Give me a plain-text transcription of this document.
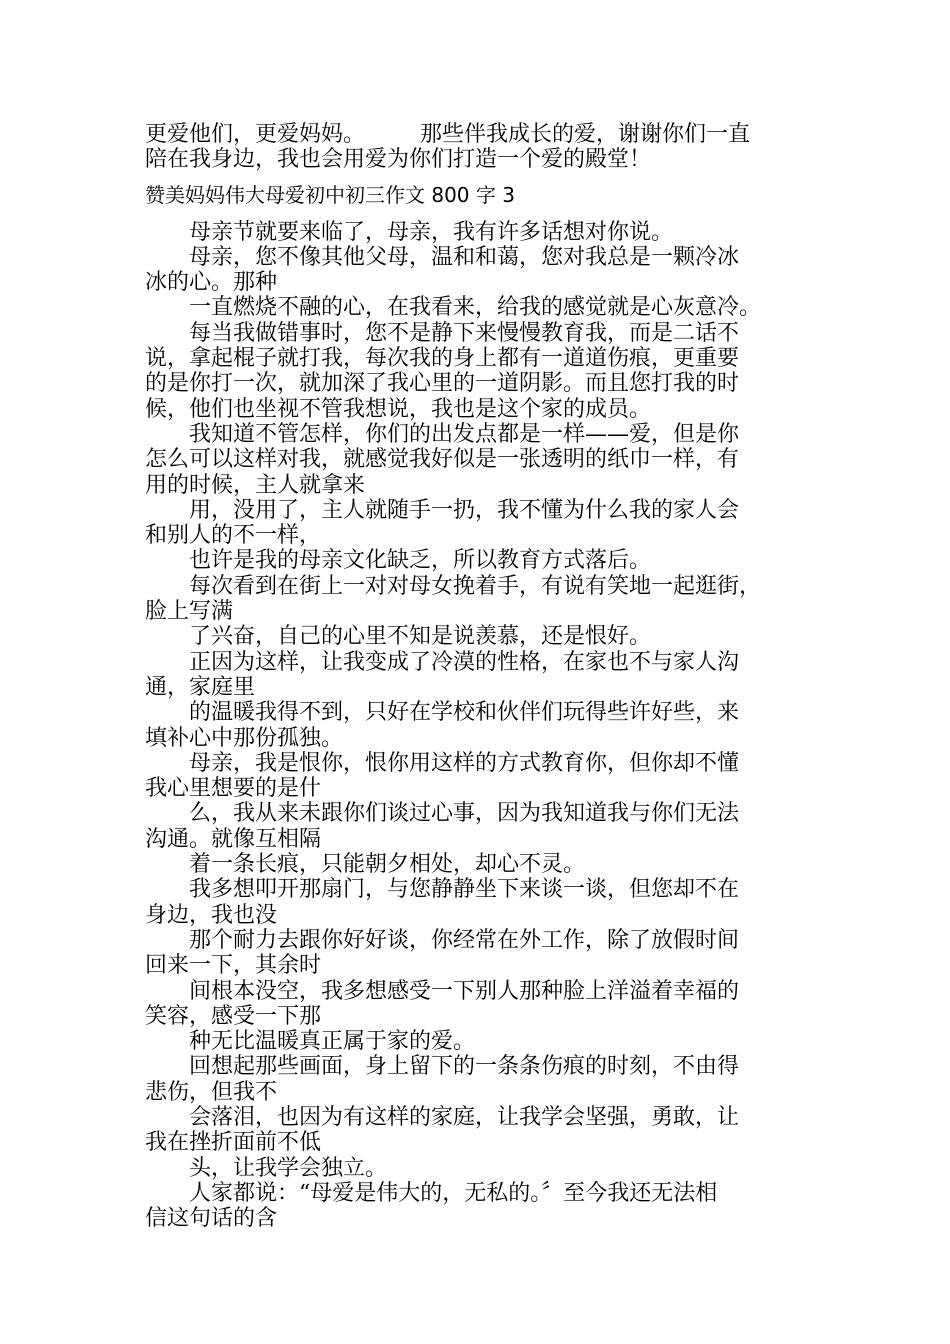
更爱他们，更爱妈妈。　　　那些伴我成长的爱，谢谢你们一直
陪在我身边，我也会用爱为你们打造一个爱的殿堂！
赞美妈妈伟大母爱初中初三作文 800 字 3
　　母亲节就要来临了，母亲，我有许多话想对你说。
　　母亲，您不像其他父母，温和和蔼，您对我总是一颗冷冰
冰的心。那种
　　一直燃烧不融的心，在我看来，给我的感觉就是心灰意冷。
　　每当我做错事时，您不是静下来慢慢教育我，而是二话不
说，拿起棍子就打我，每次我的身上都有一道道伤痕，更重要
的是你打一次，就加深了我心里的一道阴影。而且您打我的时
候，他们也坐视不管我想说，我也是这个家的成员。
　　我知道不管怎样，你们的出发点都是一样——爱，但是你
怎么可以这样对我，就感觉我好似是一张透明的纸巾一样，有
用的时候，主人就拿来
　　用，没用了，主人就随手一扔，我不懂为什么我的家人会
和别人的不一样，
　　也许是我的母亲文化缺乏，所以教育方式落后。
　　每次看到在街上一对对母女挽着手，有说有笑地一起逛街，
脸上写满
　　了兴奋，自己的心里不知是说羡慕，还是恨好。
　　正因为这样，让我变成了冷漠的性格，在家也不与家人沟
通，家庭里
　　的温暖我得不到，只好在学校和伙伴们玩得些许好些，来
填补心中那份孤独。
　　母亲，我是恨你，恨你用这样的方式教育你，但你却不懂
我心里想要的是什
　　么，我从来未跟你们谈过心事，因为我知道我与你们无法
沟通。就像互相隔
　　着一条长痕，只能朝夕相处，却心不灵。
　　我多想叩开那扇门，与您静静坐下来谈一谈，但您却不在
身边，我也没
　　那个耐力去跟你好好谈，你经常在外工作，除了放假时间
回来一下，其余时
　　间根本没空，我多想感受一下别人那种脸上洋溢着幸福的
笑容，感受一下那
　　种无比温暖真正属于家的爱。
　　回想起那些画面，身上留下的一条条伤痕的时刻，不由得
悲伤，但我不
　　会落泪，也因为有这样的家庭，让我学会坚强，勇敢，让
我在挫折面前不低
　　头，让我学会独立。
　　人家都说：“母爱是伟大的，无私的。〞至今我还无法相
信这句话的含
